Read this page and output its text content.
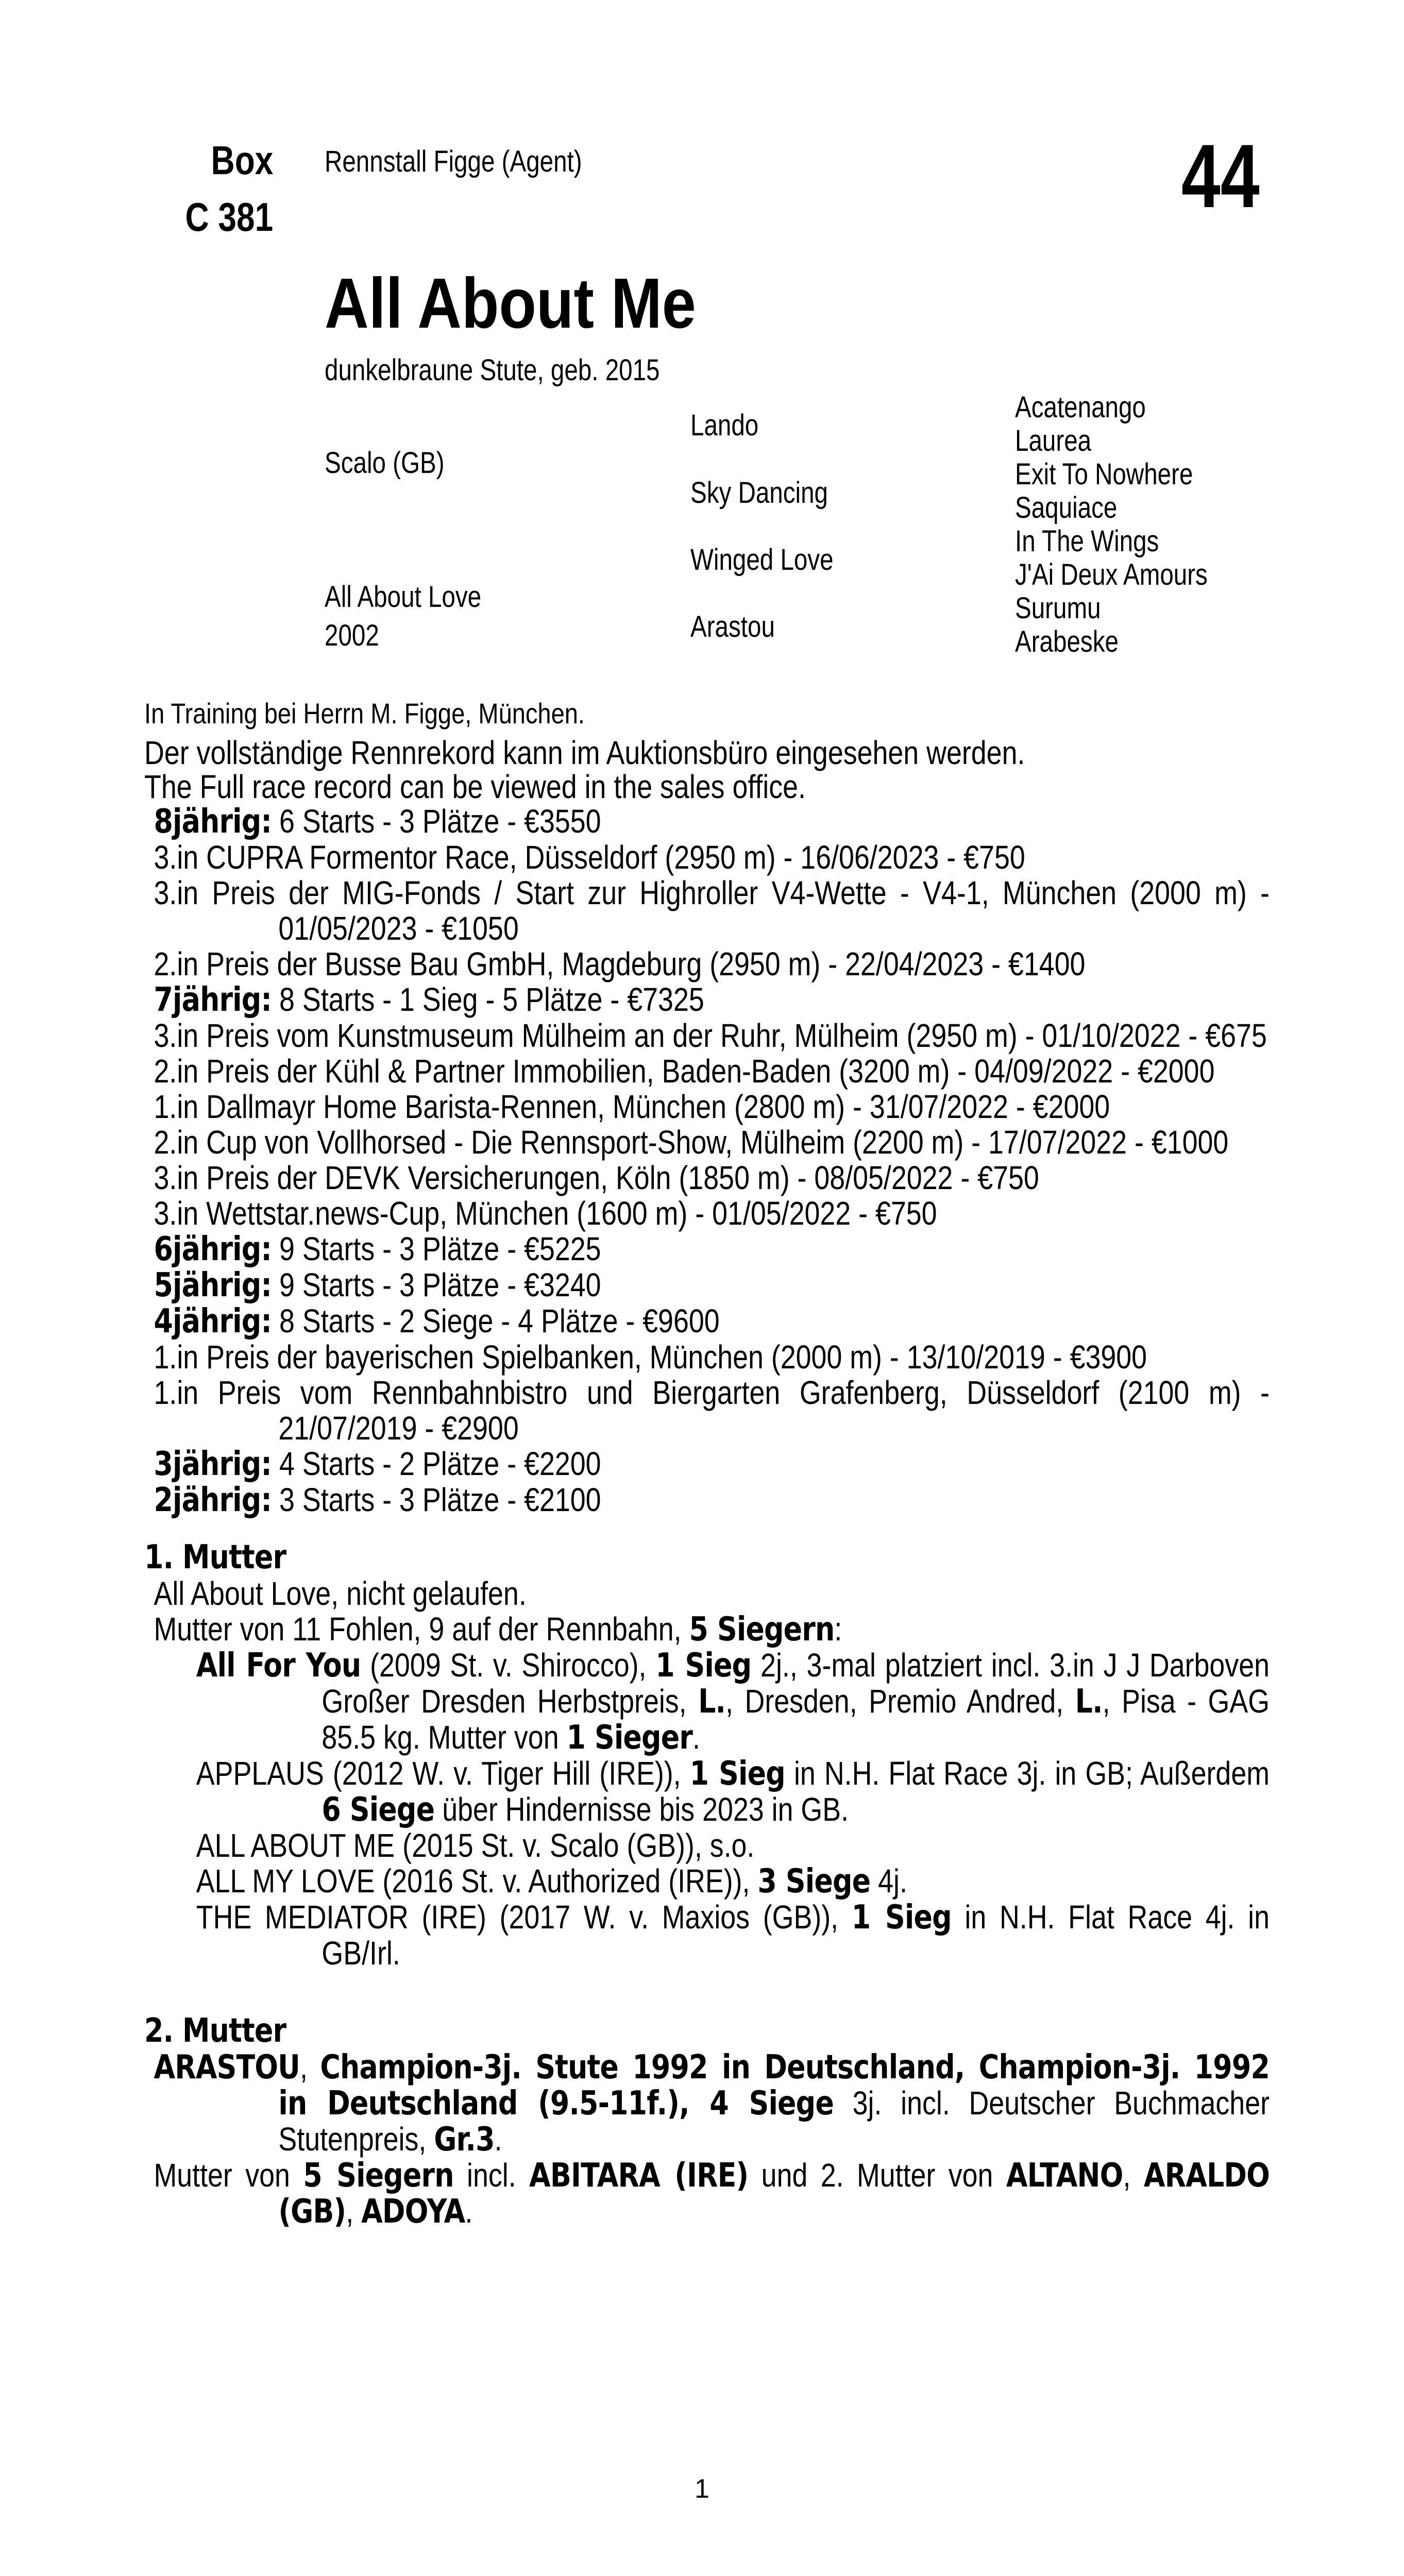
Box
C 381
Rennstall Figge (Agent)	44
All About Me
dunkelbraune Stute, geb. 2015
Scalo (GB)
All About Love
2002
Lando
Sky Dancing
Winged Love
Arastou
Acatenango
Laurea
Exit To Nowhere
Saquiace
In The Wings
J'Ai Deux Amours
Surumu
Arabeske
In Training bei Herrn M. Figge, München.
Der vollständige Rennrekord kann im Auktionsbüro eingesehen werden.
The Full race record can be viewed in the sales office.
8jährig: 6 Starts - 3 Plätze - €3550
3.in CUPRA Formentor Race, Düsseldorf (2950 m) - 16/06/2023 - €750
3.in Preis der MIG-Fonds / Start zur Highroller V4-Wette - V4-1, München (2000 m) - 01/05/2023 - €1050
2.in Preis der Busse Bau GmbH, Magdeburg (2950 m) - 22/04/2023 - €1400
7jährig: 8 Starts - 1 Sieg - 5 Plätze - €7325
3.in Preis vom Kunstmuseum Mülheim an der Ruhr, Mülheim (2950 m) - 01/10/2022 - €675
2.in Preis der Kühl & Partner Immobilien, Baden-Baden (3200 m) - 04/09/2022 - €2000
1.in Dallmayr Home Barista-Rennen, München (2800 m) - 31/07/2022 - €2000
2.in Cup von Vollhorsed - Die Rennsport-Show, Mülheim (2200 m) - 17/07/2022 - €1000
3.in Preis der DEVK Versicherungen, Köln (1850 m) - 08/05/2022 - €750
3.in Wettstar.news-Cup, München (1600 m) - 01/05/2022 - €750
6jährig: 9 Starts - 3 Plätze - €5225
5jährig: 9 Starts - 3 Plätze - €3240
4jährig: 8 Starts - 2 Siege - 4 Plätze - €9600
1.in Preis der bayerischen Spielbanken, München (2000 m) - 13/10/2019 - €3900
1.in Preis vom Rennbahnbistro und Biergarten Grafenberg, Düsseldorf (2100 m) - 21/07/2019 - €2900
3jährig: 4 Starts - 2 Plätze - €2200
2jährig: 3 Starts - 3 Plätze - €2100
1. Mutter
All About Love, nicht gelaufen.
Mutter von 11 Fohlen, 9 auf der Rennbahn, 5 Siegern:
All For You (2009 St. v. Shirocco), 1 Sieg 2j., 3-mal platziert incl. 3.in J J Darboven Großer Dresden Herbstpreis, L., Dresden, Premio Andred, L., Pisa - GAG 85.5 kg. Mutter von 1 Sieger.
APPLAUS (2012 W. v. Tiger Hill (IRE)), 1 Sieg in N.H. Flat Race 3j. in GB; Außerdem 6 Siege über Hindernisse bis 2023 in GB.
ALL ABOUT ME (2015 St. v. Scalo (GB)), s.o.
ALL MY LOVE (2016 St. v. Authorized (IRE)), 3 Siege 4j.
THE MEDIATOR (IRE) (2017 W. v. Maxios (GB)), 1 Sieg in N.H. Flat Race 4j. in GB/Irl.
2. Mutter
ARASTOU, Champion-3j. Stute 1992 in Deutschland, Champion-3j. 1992 in Deutschland (9.5-11f.), 4 Siege 3j. incl. Deutscher Buchmacher Stutenpreis, Gr.3.
Mutter von 5 Siegern incl. ABITARA (IRE) und 2. Mutter von ALTANO, ARALDO (GB), ADOYA.
1
